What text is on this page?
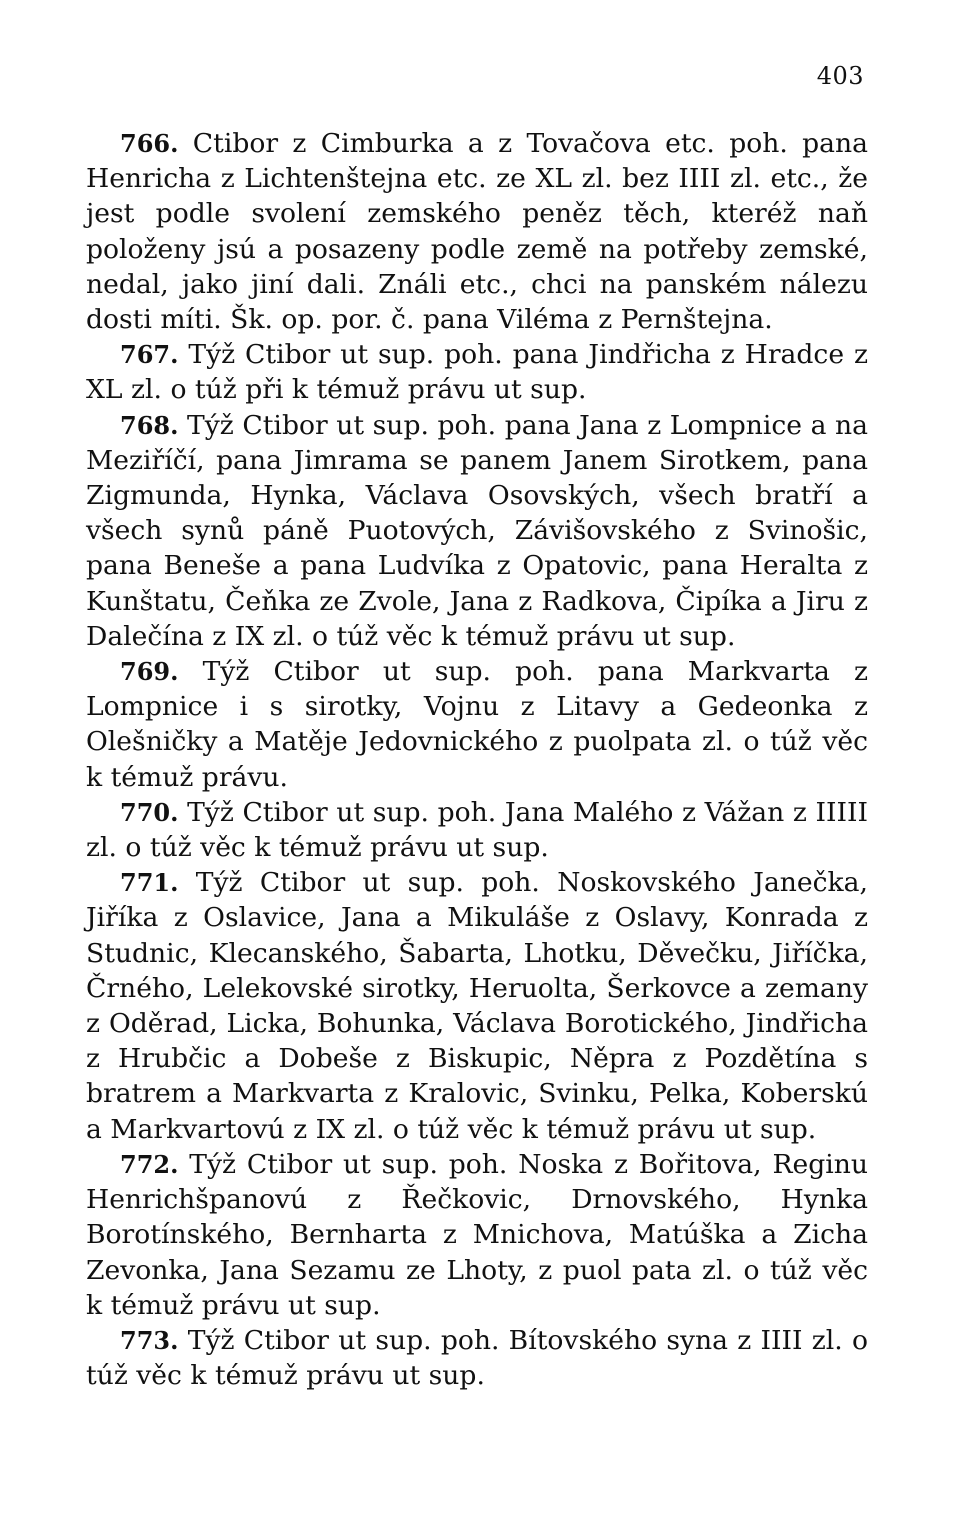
403

766. Ctibor z Cimburka a z Tovačova etc. poh. pana Henricha z Lichtenštejna etc. ze XL zl. bez IIII zl. etc., že jest podle svolení zemského peněz těch, kteréž naň položeny jsú a posazeny podle země na potřeby zemské, nedal, jako jiní dali. Ználi etc., chci na panském nálezu dosti míti. Šk. op. por. č. pana Viléma z Pernštejna.

767. Týž Ctibor ut sup. poh. pana Jindřicha z Hradce z XL zl. o túž při k témuž právu ut sup.

768. Týž Ctibor ut sup. poh. pana Jana z Lompnice a na Meziříčí, pana Jimrama se panem Janem Sirotkem, pana Zigmunda, Hynka, Václava Osovských, všech bratří a všech synů páně Puotových, Závišovského z Svinošic, pana Beneše a pana Ludvíka z Opatovic, pana Heralta z Kunštatu, Čeňka ze Zvole, Jana z Radkova, Čipíka a Jiru z Dalečína z IX zl. o túž věc k témuž právu ut sup.

769. Týž Ctibor ut sup. poh. pana Markvarta z Lompnice i s sirotky, Vojnu z Litavy a Gedeonka z Olešničky a Matěje Jedovnického z puolpata zl. o túž věc k témuž právu.

770. Týž Ctibor ut sup. poh. Jana Malého z Vážan z IIIII zl. o túž věc k témuž právu ut sup.

771. Týž Ctibor ut sup. poh. Noskovského Janečka, Jiříka z Oslavice, Jana a Mikuláše z Oslavy, Konrada z Studnic, Klecanského, Šabarta, Lhotku, Děvečku, Jiříčka, Črného, Lelekovské sirotky, Heruolta, Šerkovce a zemany z Oděrad, Licka, Bohunka, Václava Borotického, Jindřicha z Hrubčic a Dobeše z Biskupic, Něpra z Pozdětína s bratrem a Markvarta z Kralovic, Svinku, Pelka, Koberskú a Markvartovú z IX zl. o túž věc k témuž právu ut sup.

772. Týž Ctibor ut sup. poh. Noska z Bořitova, Reginu Henrichšpanovú z Řečkovic, Drnovského, Hynka Borotínského, Bernharta z Mnichova, Matúška a Zicha Zevonka, Jana Sezamu ze Lhoty, z puol pata zl. o túž věc k témuž právu ut sup.

773. Týž Ctibor ut sup. poh. Bítovského syna z IIII zl. o túž věc k témuž právu ut sup.
